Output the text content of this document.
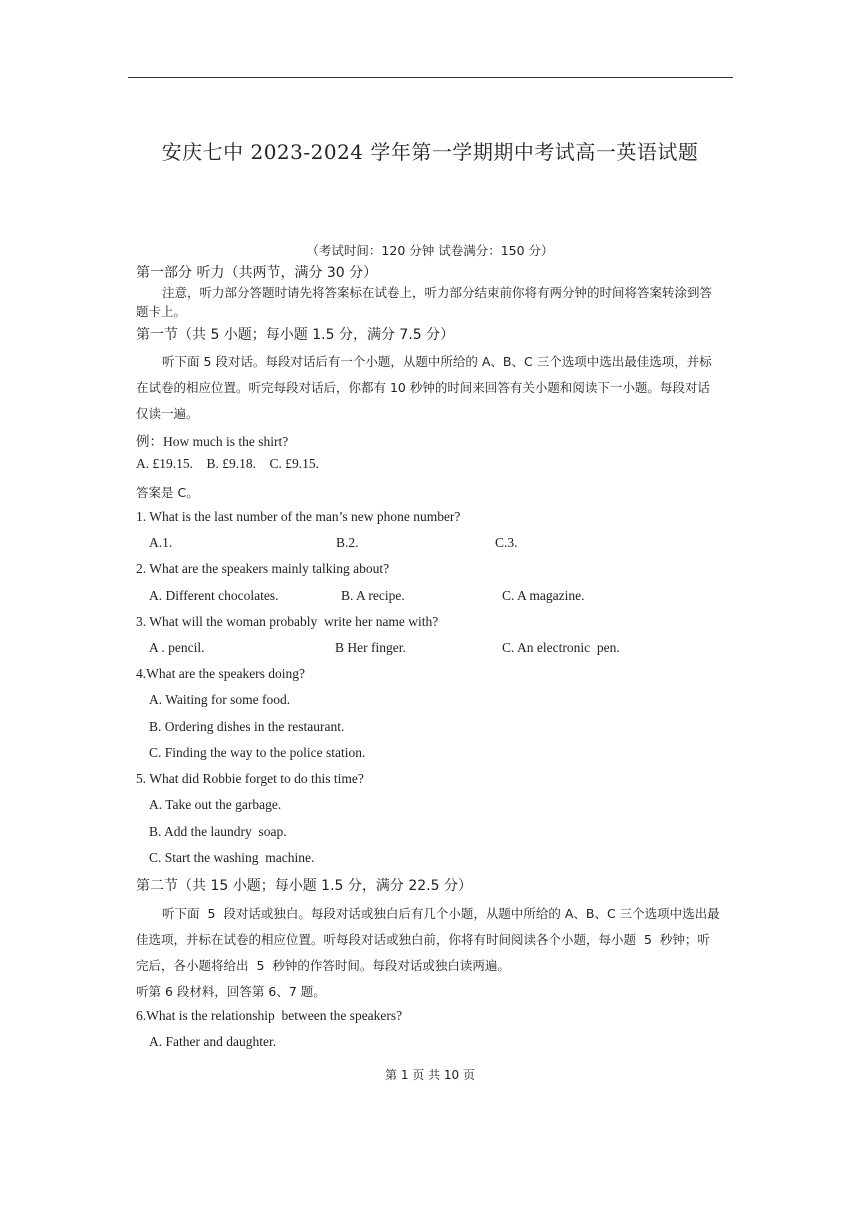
安庆七中 2023-2024 学年第一学期期中考试高一英语试题
（考试时间：120 分钟 试卷满分：150 分）
第一部分 听力（共两节，满分 30 分）
注意，听力部分答题时请先将答案标在试卷上，听力部分结束前你将有两分钟的时间将答案转涂到答
题卡上。
第一节（共 5 小题；每小题 1.5 分，满分 7.5 分）
听下面 5 段对话。每段对话后有一个小题，从题中所给的 A、B、C 三个选项中选出最佳选项，并标
在试卷的相应位置。听完每段对话后，你都有 10 秒钟的时间来回答有关小题和阅读下一小题。每段对话
仅读一遍。
例：How much is the shirt?
A. £19.15.    B. £9.18.    C. £9.15.
答案是 C。
1. What is the last number of the man’s new phone number?
A.1.	B.2.	C.3.
2. What are the speakers mainly talking about?
A. Different chocolates.	B. A recipe.	C. A magazine.
3. What will the woman probably  write her name with?
A . pencil.	B Her finger.	C. An electronic  pen.
4.What are the speakers doing?
A. Waiting for some food.
B. Ordering dishes in the restaurant.
C. Finding the way to the police station.
5. What did Robbie forget to do this time?
A. Take out the garbage.
B. Add the laundry  soap.
C. Start the washing  machine.
第二节（共 15 小题；每小题 1.5 分，满分 22.5 分）
听下面  5  段对话或独白。每段对话或独白后有几个小题，从题中所给的 A、B、C 三个选项中选出最
佳选项，并标在试卷的相应位置。听每段对话或独白前，你将有时间阅读各个小题，每小题  5  秒钟；听
完后，各小题将给出  5  秒钟的作答时间。每段对话或独白读两遍。
听第 6 段材料，回答第 6、7 题。
6.What is the relationship  between the speakers?
A. Father and daughter.
第 1 页 共 10 页
